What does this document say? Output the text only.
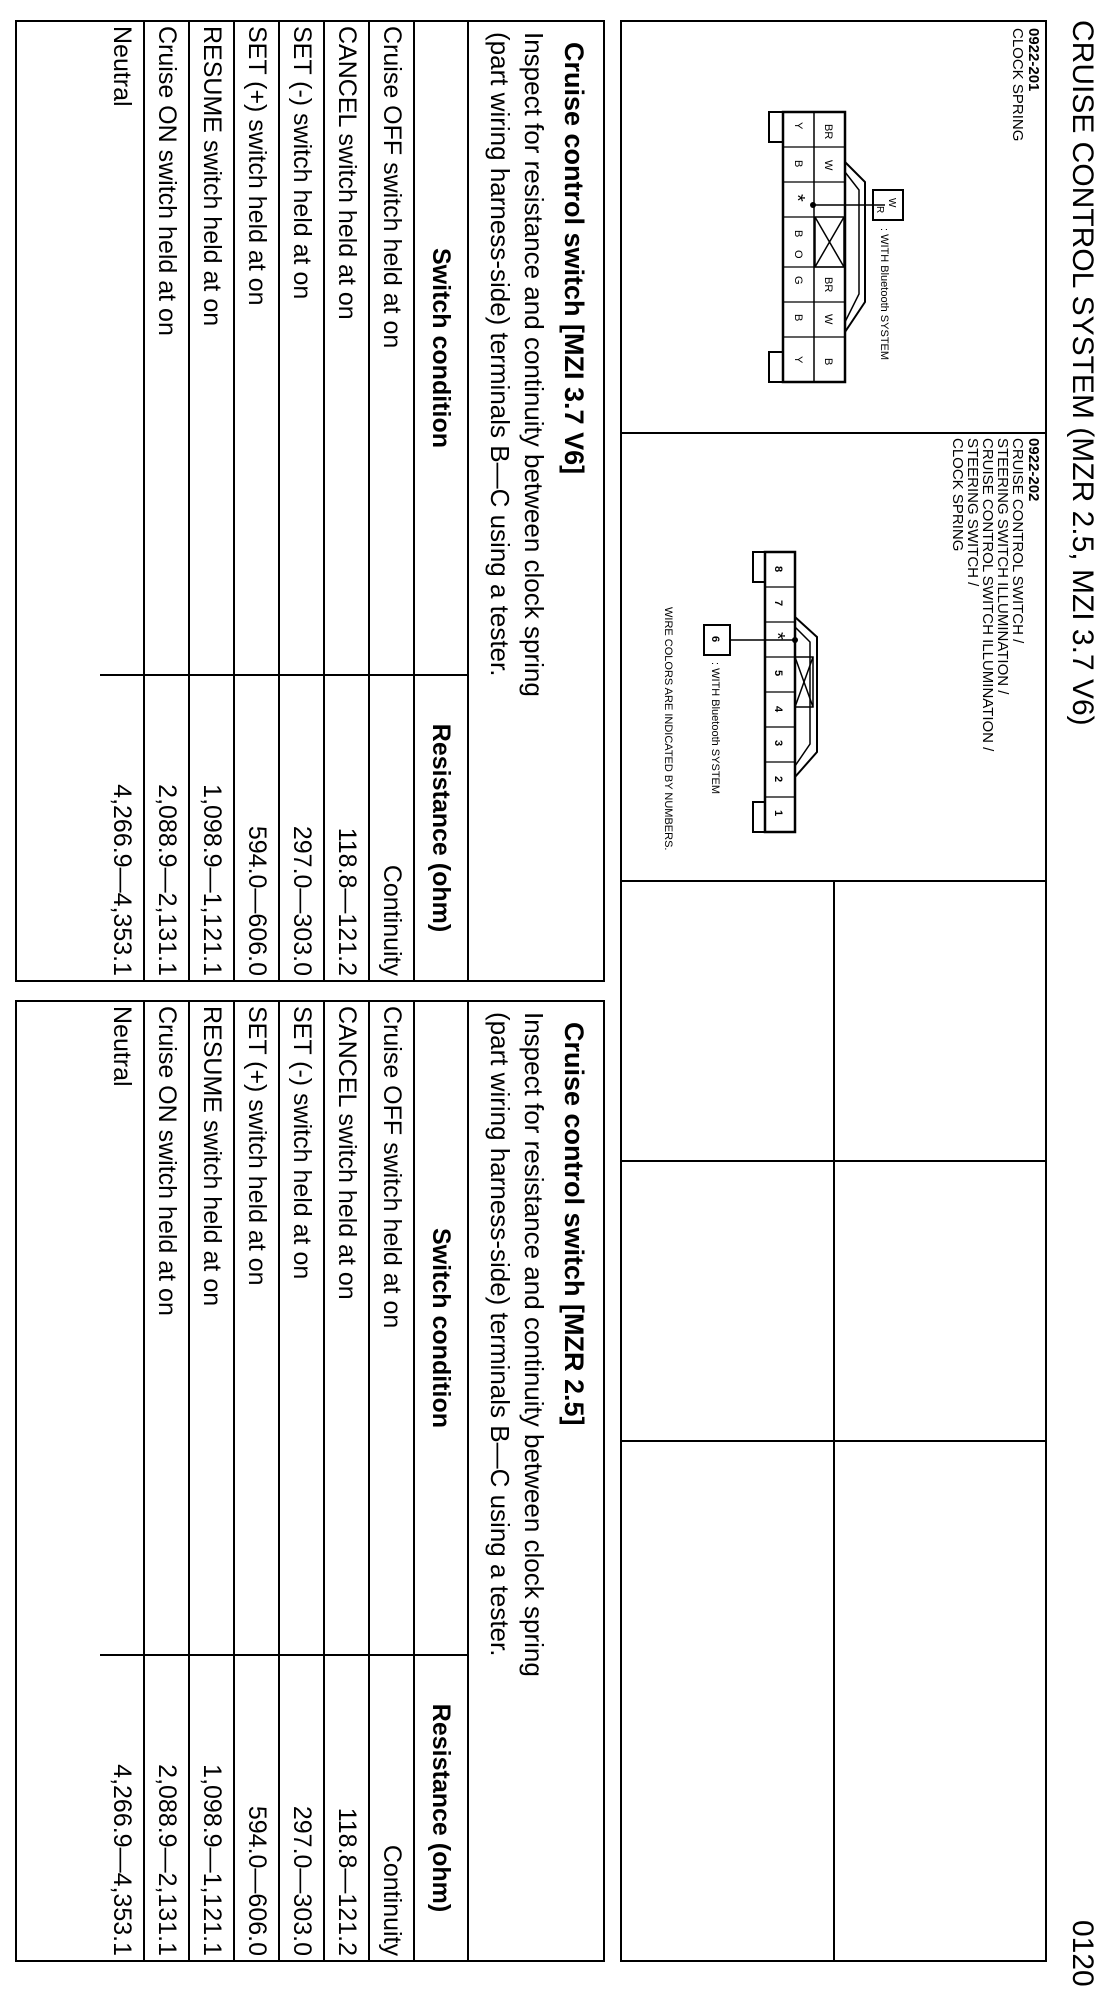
CRUISE CONTROL SYSTEM (MZR 2.5, MZI 3.7 V6)
0120
0922-201
CLOCK SPRING
BR
W
BR
W
Y
Y
B
O
B
*
G
B
B
W
R
: WITH Bluetooth SYSTEM
0922-202
CRUISE CONTROL SWITCH /
STEERING SWITCH ILLUMINATION /
CRUISE CONTROL SWITCH ILLUMINATION /
STEERING SWITCH /
CLOCK SPRING
8
7
*
5
4
3
2
1
6
: WITH Bluetooth SYSTEM
WIRE COLORS ARE INDICATED BY NUMBERS.
Cruise control switch [MZI 3.7 V6]
Inspect for resistance and continuity between clock spring
(part wiring harness-side) terminals B—C using a tester.
Switch condition	Resistance (ohm)
Cruise OFF switch held at on	Continuity
CANCEL switch held at on	118.8—121.2
SET (-) switch held at on	297.0—303.0
SET (+) switch held at on	594.0—606.0
RESUME switch held at on	1,098.9—1,121.1
Cruise ON switch held at on	2,088.9—2,131.1
Neutral	4,266.9—4,353.1
Cruise control switch [MZR 2.5]
Inspect for resistance and continuity between clock spring
(part wiring harness-side) terminals B—C using a tester.
Switch condition	Resistance (ohm)
Cruise OFF switch held at on	Continuity
CANCEL switch held at on	118.8—121.2
SET (-) switch held at on	297.0—303.0
SET (+) switch held at on	594.0—606.0
RESUME switch held at on	1,098.9—1,121.1
Cruise ON switch held at on	2,088.9—2,131.1
Neutral	4,266.9—4,353.1
